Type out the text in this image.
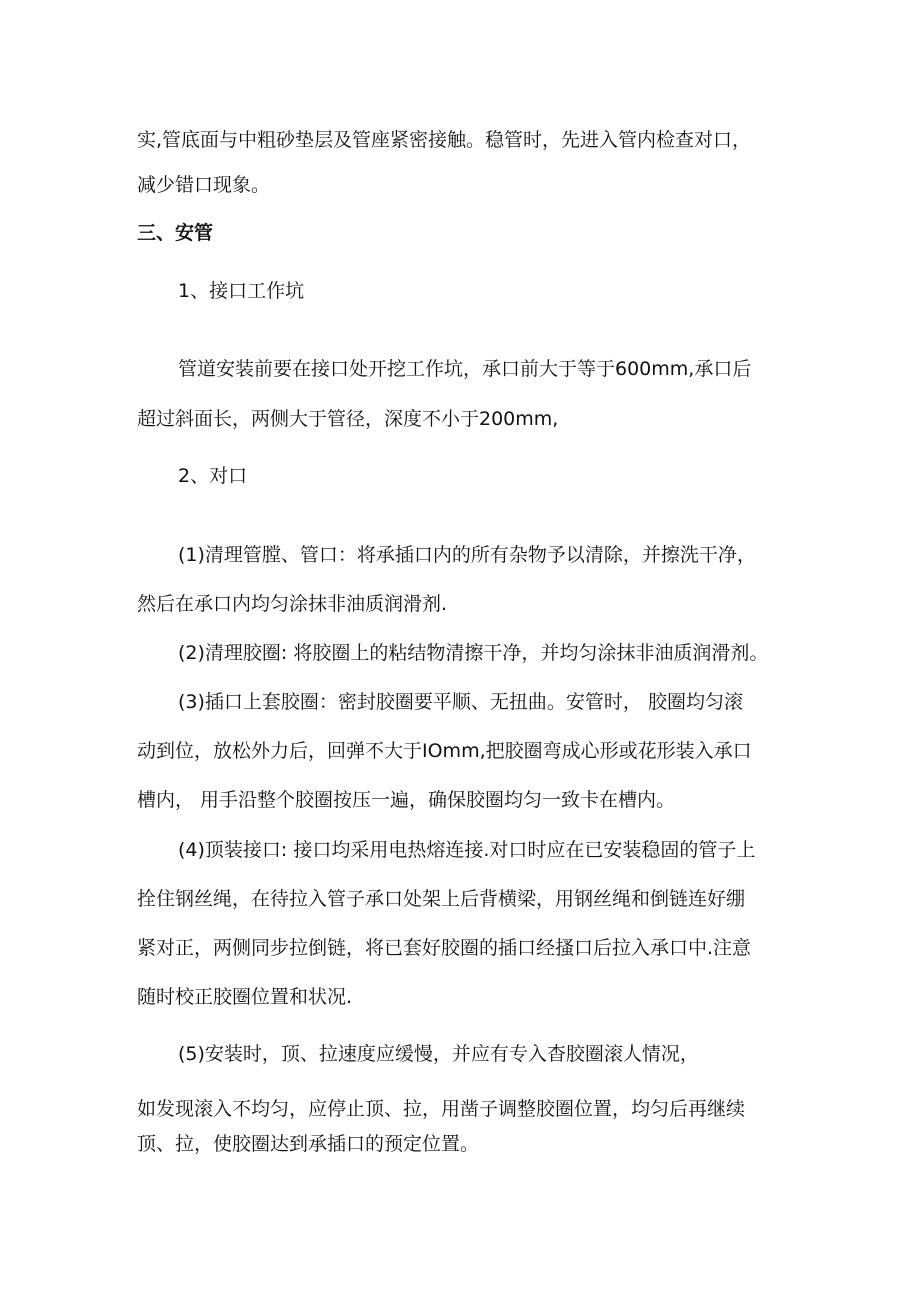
实,管底面与中粗砂垫层及管座紧密接触。稳管时，先进入管内检查对口，
减少错口现象。
三、安管
1、接口工作坑
管道安装前要在接口处开挖工作坑，承口前大于等于600mm,承口后
超过斜面长，两侧大于管径，深度不小于200mm,
2、对口
(1)清理管膛、管口：将承插口内的所有杂物予以清除，并擦洗干净，
然后在承口内均匀涂抹非油质润滑剂.
(2)清理胶圈: 将胶圈上的粘结物清擦干净，并均匀涂抹非油质润滑剂。
(3)插口上套胶圈：密封胶圈要平顺、无扭曲。安管时， 胶圈均匀滚
动到位，放松外力后，回弹不大于IOmm,把胶圈弯成心形或花形装入承口
槽内， 用手沿整个胶圈按压一遍，确保胶圈均匀一致卡在槽内。
(4)顶装接口: 接口均采用电热熔连接.对口时应在已安装稳固的管子上
拴住钢丝绳，在待拉入管子承口处架上后背横梁，用钢丝绳和倒链连好绷
紧对正，两侧同步拉倒链，将已套好胶圈的插口经搔口后拉入承口中.注意
随时校正胶圈位置和状况.
(5)安装时，顶、拉速度应缓慢，并应有专入杳胶圈滚人情况，
如发现滚入不均匀，应停止顶、拉，用凿子调整胶圈位置，均匀后再继续
顶、拉，使胶圈达到承插口的预定位置。
